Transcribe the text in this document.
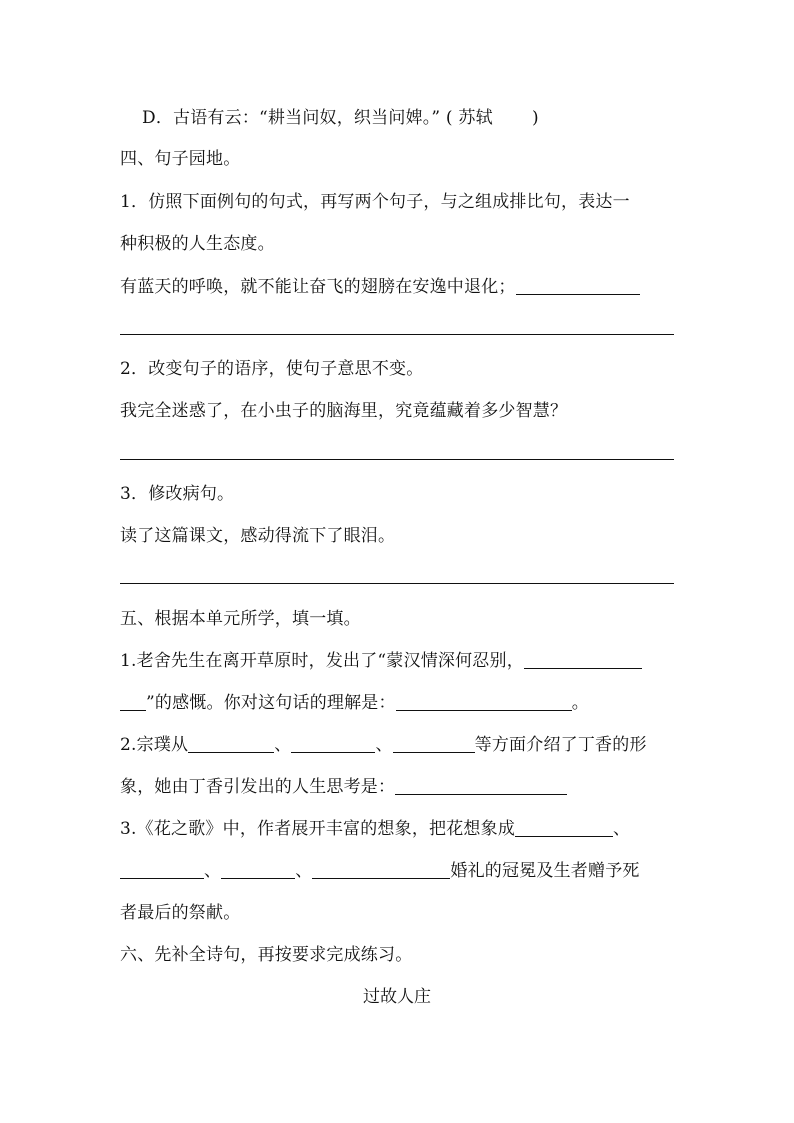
D．古语有云：“耕当问奴，织当问婢。” ( 苏轼 )
四、句子园地。
1．仿照下面例句的句式，再写两个句子，与之组成排比句，表达一
种积极的人生态度。
有蓝天的呼唤，就不能让奋飞的翅膀在安逸中退化；
2．改变句子的语序，使句子意思不变。
我完全迷惑了，在小虫子的脑海里，究竟蕴藏着多少智慧？
3．修改病句。
读了这篇课文，感动得流下了眼泪。
五、根据本单元所学，填一填。
1.老舍先生在离开草原时，发出了“蒙汉情深何忍别，
”的感慨。你对这句话的理解是：	。
2.宗璞从	、	、	等方面介绍了丁香的形
象，她由丁香引发出的人生思考是：
3.《花之歌》中，作者展开丰富的想象，把花想象成	、
、	、	婚礼的冠冕及生者赠予死
者最后的祭献。
六、先补全诗句，再按要求完成练习。
过故人庄
